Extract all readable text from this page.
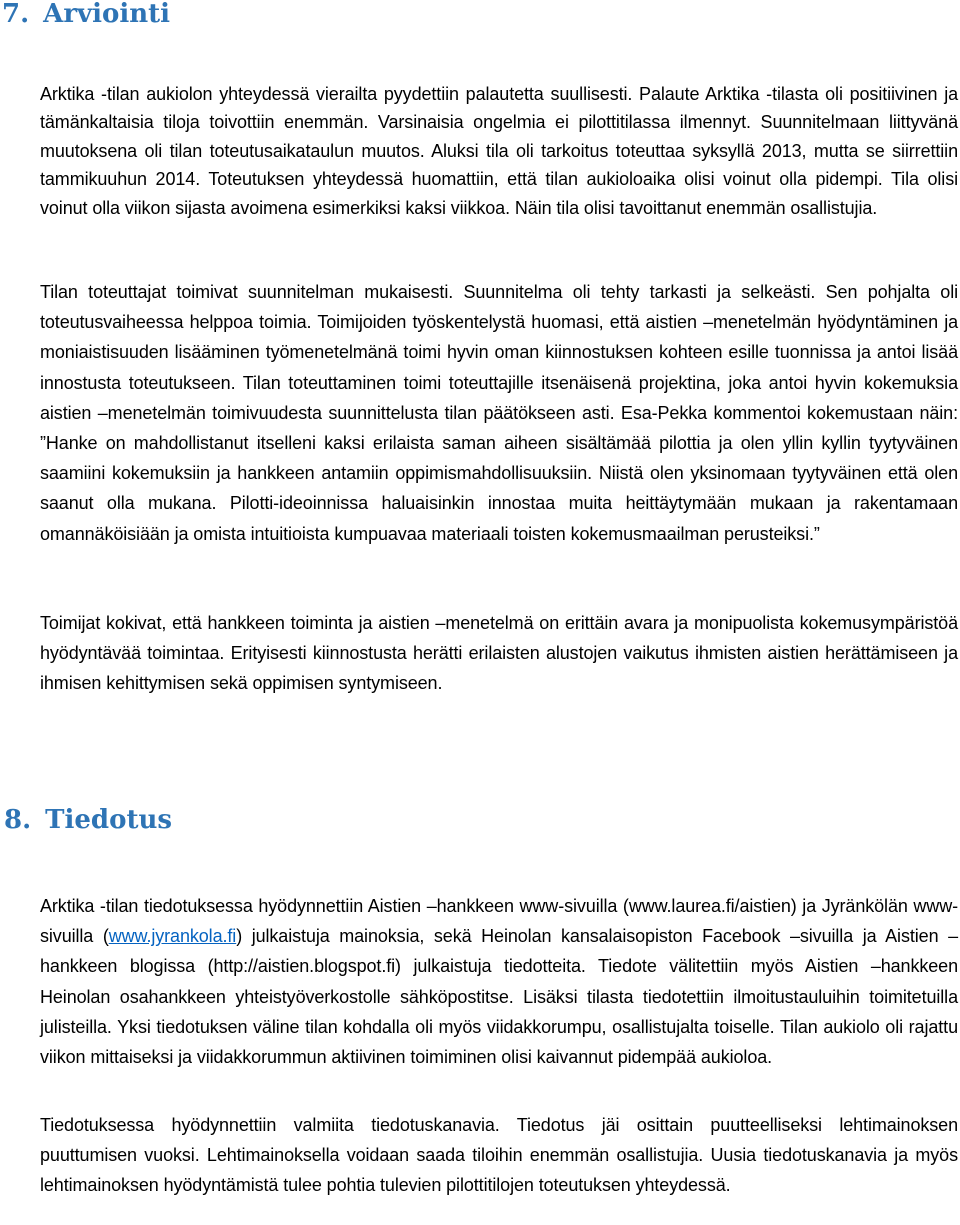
7. Arviointi

Arktika -tilan aukiolon yhteydessä vierailta pyydettiin palautetta suullisesti. Palaute Arktika -tilasta oli positiivinen ja tämänkaltaisia tiloja toivottiin enemmän. Varsinaisia ongelmia ei pilottitilassa ilmennyt. Suunnitelmaan liittyvänä muutoksena oli tilan toteutusaikataulun muutos. Aluksi tila oli tarkoitus toteuttaa syksyllä 2013, mutta se siirrettiin tammikuuhun 2014. Toteutuksen yhteydessä huomattiin, että tilan aukioloaika olisi voinut olla pidempi. Tila olisi voinut olla viikon sijasta avoimena esimerkiksi kaksi viikkoa. Näin tila olisi tavoittanut enemmän osallistujia.

Tilan toteuttajat toimivat suunnitelman mukaisesti. Suunnitelma oli tehty tarkasti ja selkeästi. Sen pohjalta oli toteutusvaiheessa helppoa toimia. Toimijoiden työskentelystä huomasi, että aistien –menetelmän hyödyntäminen ja moniaistisuuden lisääminen työmenetelmänä toimi hyvin oman kiinnostuksen kohteen esille tuonnissa ja antoi lisää innostusta toteutukseen. Tilan toteuttaminen toimi toteuttajille itsenäisenä projektina, joka antoi hyvin kokemuksia aistien –menetelmän toimivuudesta suunnittelusta tilan päätökseen asti. Esa-Pekka kommentoi kokemustaan näin: ”Hanke on mahdollistanut itselleni kaksi erilaista saman aiheen sisältämää pilottia ja olen yllin kyllin tyytyväinen saamiini kokemuksiin ja hankkeen antamiin oppimismahdollisuuksiin. Niistä olen yksinomaan tyytyväinen että olen saanut olla mukana. Pilotti-ideoinnissa haluaisinkin innostaa muita heittäytymään mukaan ja rakentamaan omannäköisiään ja omista intuitioista kumpuavaa materiaali toisten kokemusmaailman perusteiksi.”

Toimijat kokivat, että hankkeen toiminta ja aistien –menetelmä on erittäin avara ja monipuolista kokemusympäristöä hyödyntävää toimintaa. Erityisesti kiinnostusta herätti erilaisten alustojen vaikutus ihmisten aistien herättämiseen ja ihmisen kehittymisen sekä oppimisen syntymiseen.

8. Tiedotus

Arktika -tilan tiedotuksessa hyödynnettiin Aistien –hankkeen www-sivuilla (www.laurea.fi/aistien) ja Jyränkölän www-sivuilla (www.jyrankola.fi) julkaistuja mainoksia, sekä Heinolan kansalaisopiston Facebook –sivuilla ja Aistien –hankkeen blogissa (http://aistien.blogspot.fi) julkaistuja tiedotteita. Tiedote välitettiin myös Aistien –hankkeen Heinolan osahankkeen yhteistyöverkostolle sähköpostitse. Lisäksi tilasta tiedotettiin ilmoitustauluihin toimitetuilla julisteilla. Yksi tiedotuksen väline tilan kohdalla oli myös viidakkorumpu, osallistujalta toiselle. Tilan aukiolo oli rajattu viikon mittaiseksi ja viidakkorummun aktiivinen toimiminen olisi kaivannut pidempää aukioloa.

Tiedotuksessa hyödynnettiin valmiita tiedotuskanavia. Tiedotus jäi osittain puutteelliseksi lehtimainoksen puuttumisen vuoksi. Lehtimainoksella voidaan saada tiloihin enemmän osallistujia. Uusia tiedotuskanavia ja myös lehtimainoksen hyödyntämistä tulee pohtia tulevien pilottitilojen toteutuksen yhteydessä.
